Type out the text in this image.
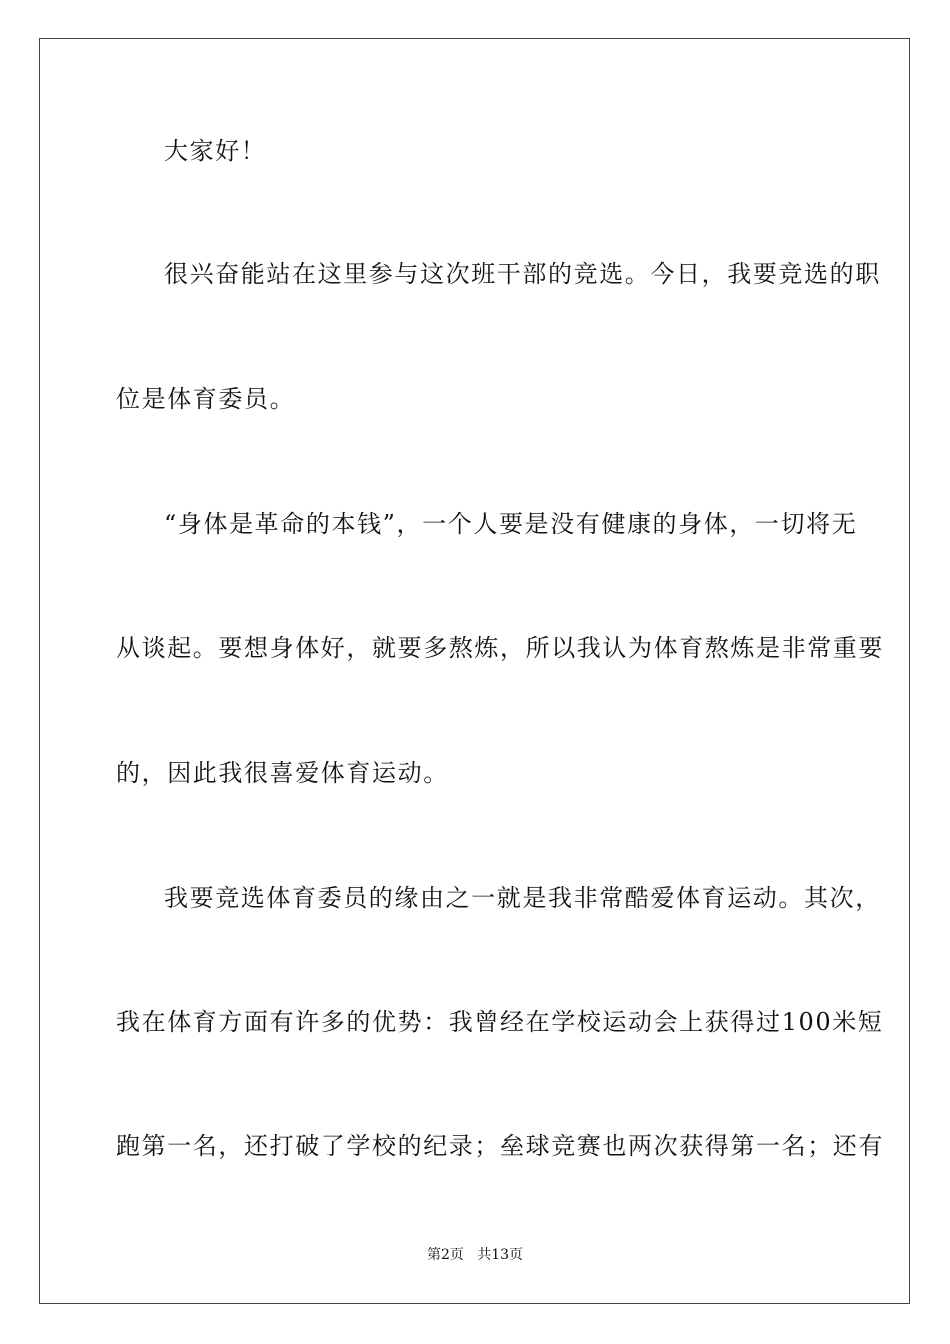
大家好！
很兴奋能站在这里参与这次班干部的竞选。今日，我要竞选的职
位是体育委员。
“身体是革命的本钱”，一个人要是没有健康的身体，一切将无
从谈起。要想身体好，就要多熬炼，所以我认为体育熬炼是非常重要
的，因此我很喜爱体育运动。
我要竞选体育委员的缘由之一就是我非常酷爱体育运动。其次，
我在体育方面有许多的优势：我曾经在学校运动会上获得过100米短
跑第一名，还打破了学校的纪录；垒球竞赛也两次获得第一名；还有
第2页   共13页
